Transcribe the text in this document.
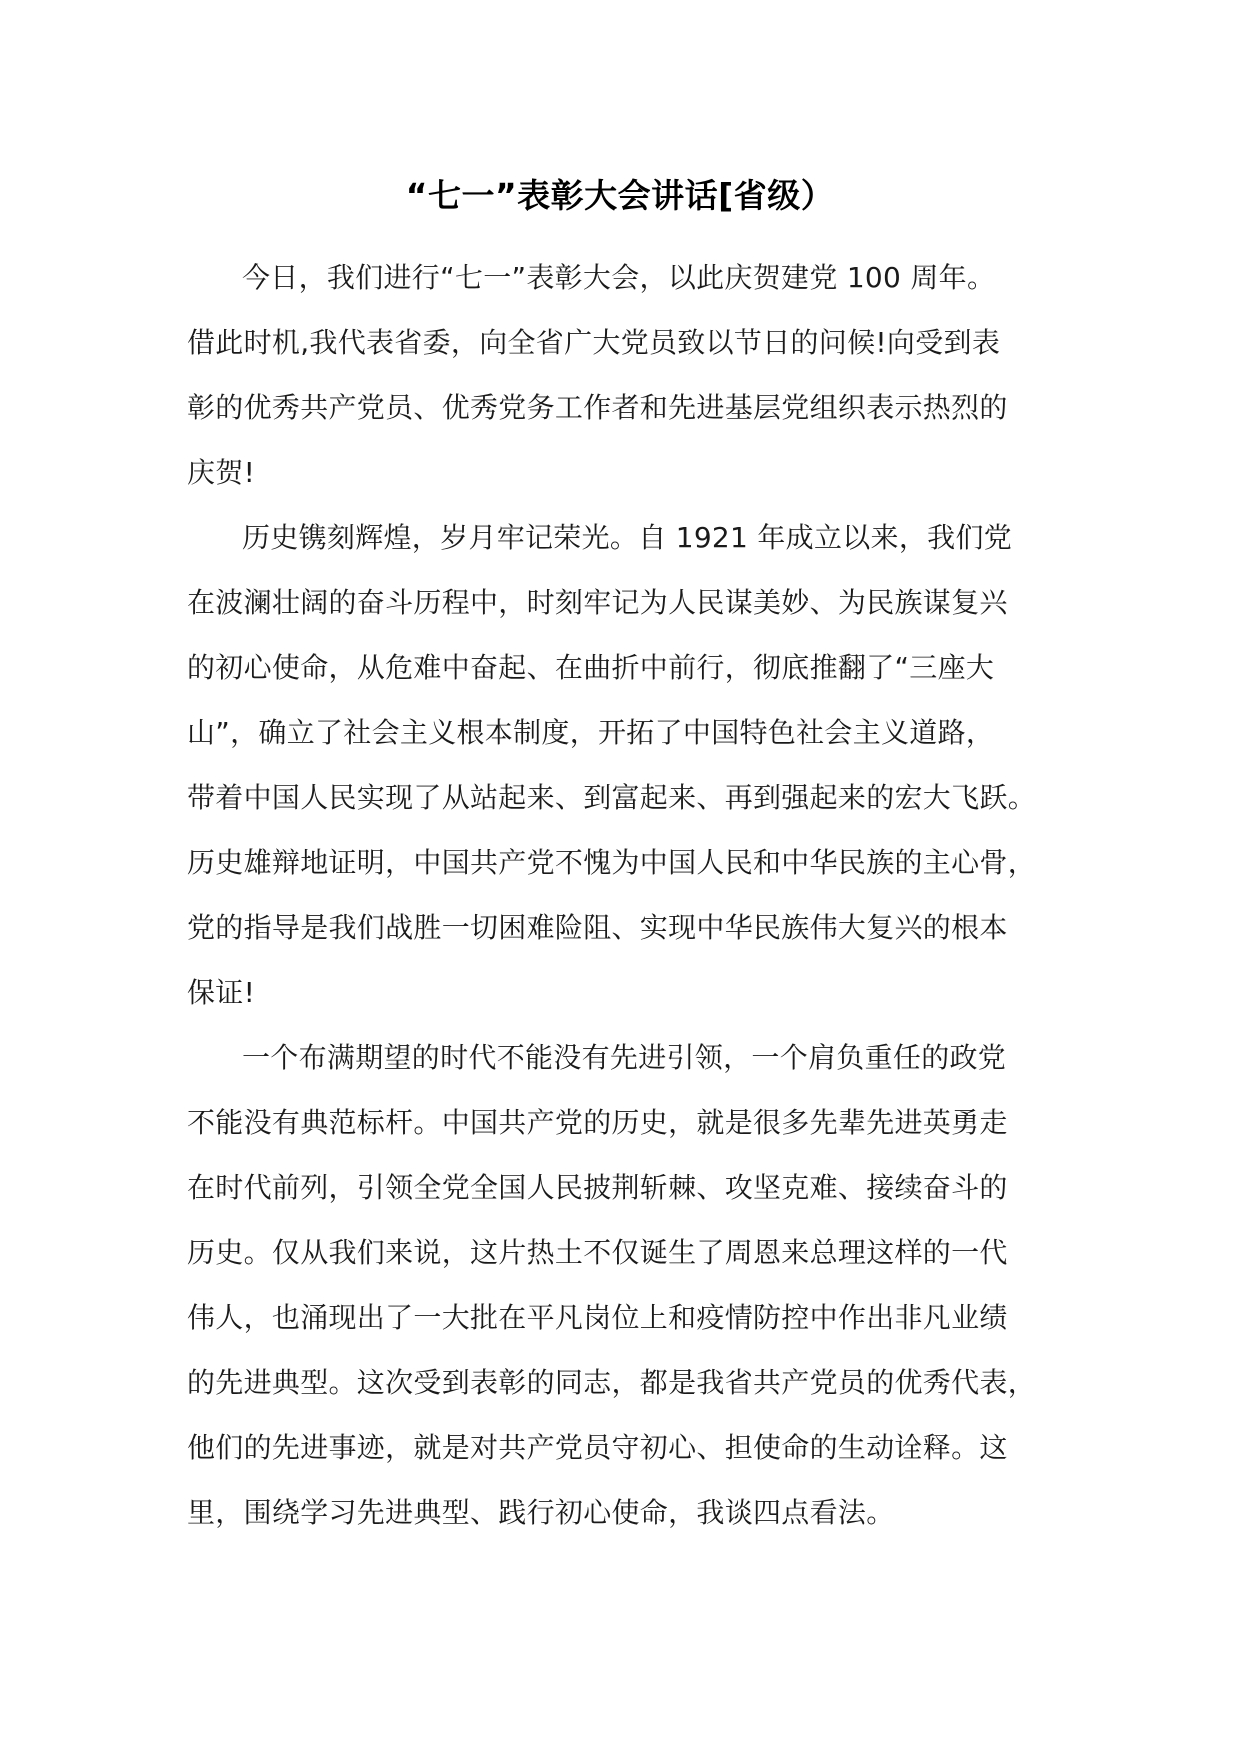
“七一”表彰大会讲话[省级）
今日，我们进行“七一”表彰大会，以此庆贺建党 100 周年。
借此时机,我代表省委，向全省广大党员致以节日的问候!向受到表
彰的优秀共产党员、优秀党务工作者和先进基层党组织表示热烈的
庆贺!
历史镌刻辉煌，岁月牢记荣光。自 1921 年成立以来，我们党
在波澜壮阔的奋斗历程中，时刻牢记为人民谋美妙、为民族谋复兴
的初心使命，从危难中奋起、在曲折中前行，彻底推翻了“三座大
山”，确立了社会主义根本制度，开拓了中国特色社会主义道路，
带着中国人民实现了从站起来、到富起来、再到强起来的宏大飞跃。
历史雄辩地证明，中国共产党不愧为中国人民和中华民族的主心骨，
党的指导是我们战胜一切困难险阻、实现中华民族伟大复兴的根本
保证!
一个布满期望的时代不能没有先进引领，一个肩负重任的政党
不能没有典范标杆。中国共产党的历史，就是很多先辈先进英勇走
在时代前列，引领全党全国人民披荆斩棘、攻坚克难、接续奋斗的
历史。仅从我们来说，这片热土不仅诞生了周恩来总理这样的一代
伟人，也涌现出了一大批在平凡岗位上和疫情防控中作出非凡业绩
的先进典型。这次受到表彰的同志，都是我省共产党员的优秀代表，
他们的先进事迹，就是对共产党员守初心、担使命的生动诠释。这
里，围绕学习先进典型、践行初心使命，我谈四点看法。
